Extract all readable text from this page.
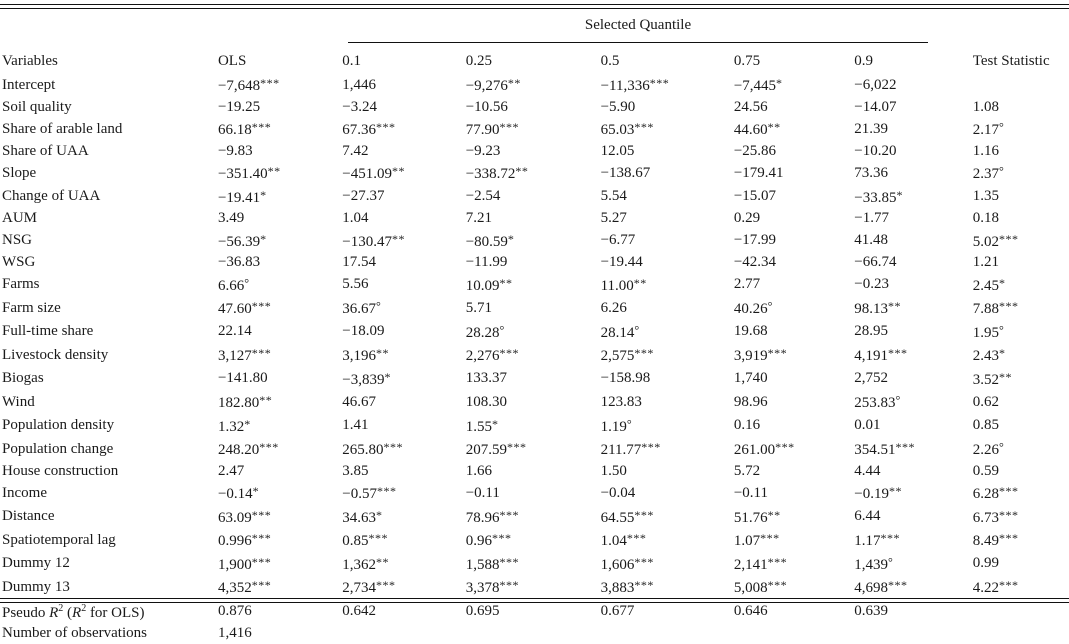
Selected Quantile
Variables	OLS	0.1	0.25	0.5	0.75	0.9	Test Statistic
Intercept	−7,648***	1,446	−9,276**	−11,336***	−7,445*	−6,022	
Soil quality	−19.25	−3.24	−10.56	−5.90	24.56	−14.07	1.08
Share of arable land	66.18***	67.36***	77.90***	65.03***	44.60**	21.39	2.17°
Share of UAA	−9.83	7.42	−9.23	12.05	−25.86	−10.20	1.16
Slope	−351.40**	−451.09**	−338.72**	−138.67	−179.41	73.36	2.37°
Change of UAA	−19.41*	−27.37	−2.54	5.54	−15.07	−33.85*	1.35
AUM	3.49	1.04	7.21	5.27	0.29	−1.77	0.18
NSG	−56.39*	−130.47**	−80.59*	−6.77	−17.99	41.48	5.02***
WSG	−36.83	17.54	−11.99	−19.44	−42.34	−66.74	1.21
Farms	6.66°	5.56	10.09**	11.00**	2.77	−0.23	2.45*
Farm size	47.60***	36.67°	5.71	6.26	40.26°	98.13**	7.88***
Full-time share	22.14	−18.09	28.28°	28.14°	19.68	28.95	1.95°
Livestock density	3,127***	3,196**	2,276***	2,575***	3,919***	4,191***	2.43*
Biogas	−141.80	−3,839*	133.37	−158.98	1,740	2,752	3.52**
Wind	182.80**	46.67	108.30	123.83	98.96	253.83°	0.62
Population density	1.32*	1.41	1.55*	1.19°	0.16	0.01	0.85
Population change	248.20***	265.80***	207.59***	211.77***	261.00***	354.51***	2.26°
House construction	2.47	3.85	1.66	1.50	5.72	4.44	0.59
Income	−0.14*	−0.57***	−0.11	−0.04	−0.11	−0.19**	6.28***
Distance	63.09***	34.63*	78.96***	64.55***	51.76**	6.44	6.73***
Spatiotemporal lag	0.996***	0.85***	0.96***	1.04***	1.07***	1.17***	8.49***
Dummy 12	1,900***	1,362**	1,588***	1,606***	2,141***	1,439°	0.99
Dummy 13	4,352***	2,734***	3,378***	3,883***	5,008***	4,698***	4.22***
Pseudo $R^2$ ($R^2$ for OLS)	0.876	0.642	0.695	0.677	0.646	0.639	
Number of observations	1,416						
